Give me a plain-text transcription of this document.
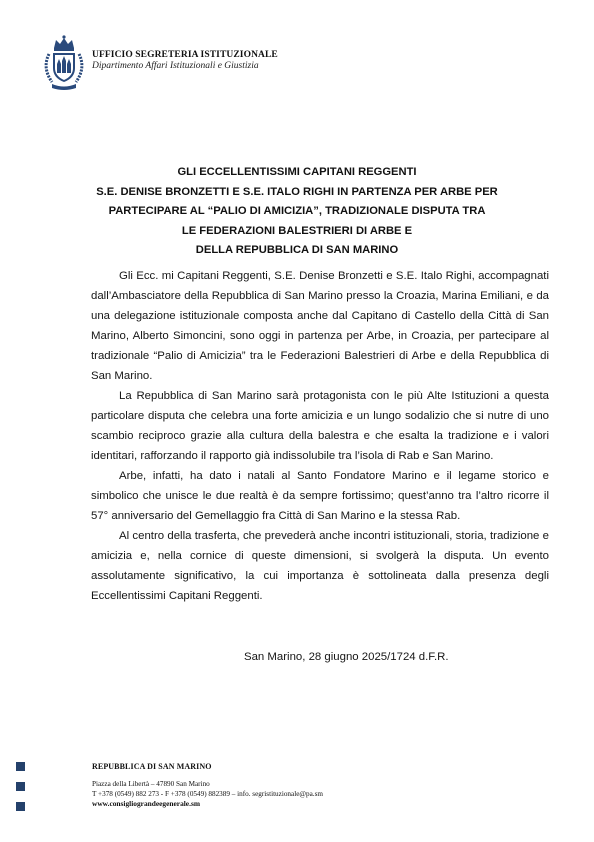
UFFICIO SEGRETERIA ISTITUZIONALE
Dipartimento Affari Istituzionali e Giustizia
GLI ECCELLENTISSIMI CAPITANI REGGENTI
S.E. DENISE BRONZETTI E S.E. ITALO RIGHI IN PARTENZA PER ARBE PER
PARTECIPARE AL “PALIO DI AMICIZIA”, TRADIZIONALE DISPUTA TRA
LE FEDERAZIONI BALESTRIERI DI ARBE E
DELLA REPUBBLICA DI SAN MARINO

Gli Ecc. mi Capitani Reggenti, S.E. Denise Bronzetti e S.E. Italo Righi, accompagnati dall’Ambasciatore della Repubblica di San Marino presso la Croazia, Marina Emiliani, e da una delegazione istituzionale composta anche dal Capitano di Castello della Città di San Marino, Alberto Simoncini, sono oggi in partenza per Arbe, in Croazia, per partecipare al tradizionale “Palio di Amicizia” tra le Federazioni Balestrieri di Arbe e della Repubblica di San Marino.

La Repubblica di San Marino sarà protagonista con le più Alte Istituzioni a questa particolare disputa che celebra una forte amicizia e un lungo sodalizio che si nutre di uno scambio reciproco grazie alla cultura della balestra e che esalta la tradizione e i valori identitari, rafforzando il rapporto già indissolubile tra l’isola di Rab e San Marino.

Arbe, infatti, ha dato i natali al Santo Fondatore Marino e il legame storico e simbolico che unisce le due realtà è da sempre fortissimo; quest’anno tra l’altro ricorre il 57° anniversario del Gemellaggio fra Città di San Marino e la stessa Rab.

Al centro della trasferta, che prevederà anche incontri istituzionali, storia, tradizione e amicizia e, nella cornice di queste dimensioni, si svolgerà la disputa. Un evento assolutamente significativo, la cui importanza è sottolineata dalla presenza degli Eccellentissimi Capitani Reggenti.

San Marino, 28 giugno 2025/1724 d.F.R.
REPUBBLICA DI SAN MARINO
Piazza della Libertà – 47890 San Marino
T +378 (0549) 882 273 - F +378 (0549) 882389 – info. segristituzionale@pa.sm
www.consigliograndeegenerale.sm
